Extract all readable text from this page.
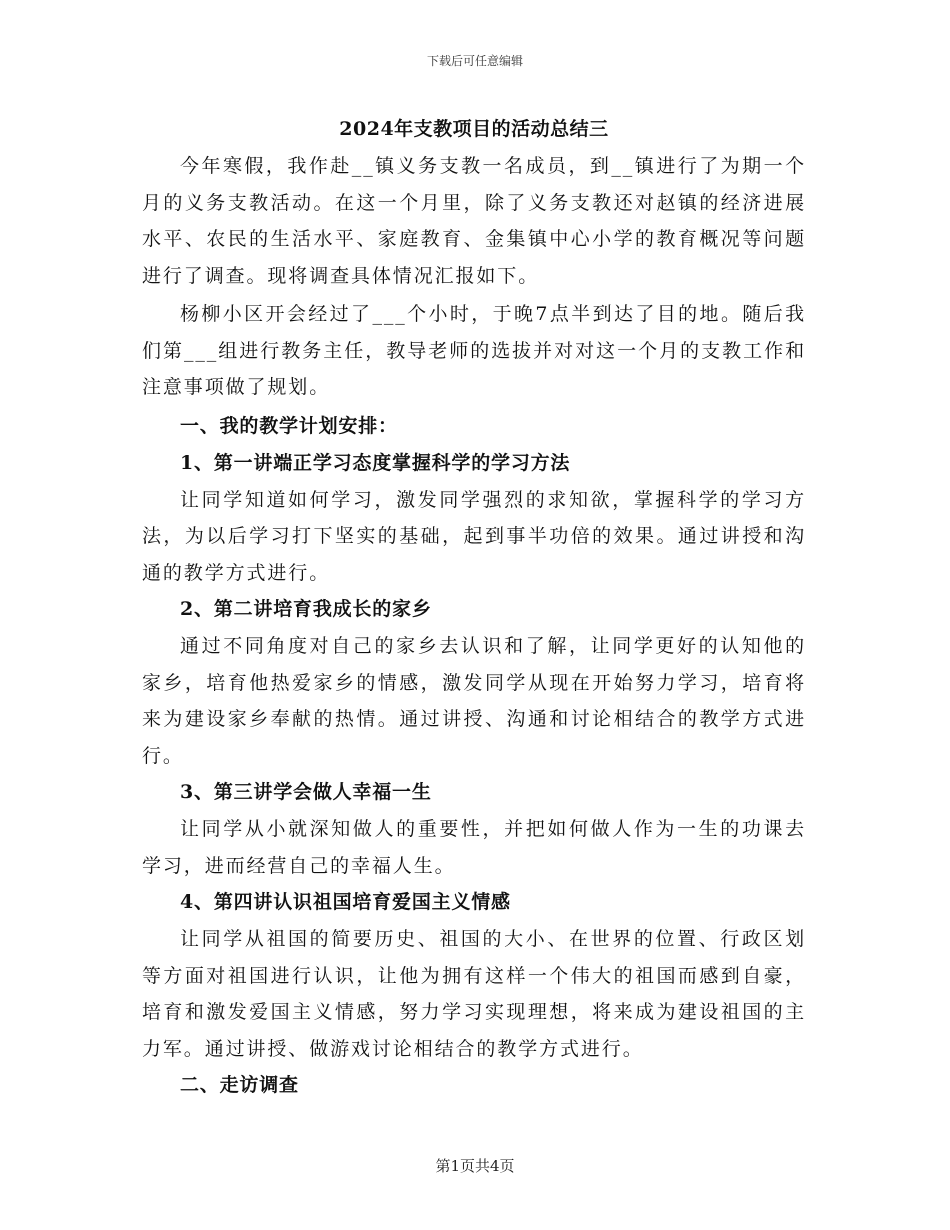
下载后可任意编辑
2024年支教项目的活动总结三

今年寒假，我作赴__镇义务支教一名成员，到__镇进行了为期一个月的义务支教活动。在这一个月里，除了义务支教还对赵镇的经济进展水平、农民的生活水平、家庭教育、金集镇中心小学的教育概况等问题进行了调查。现将调查具体情况汇报如下。

杨柳小区开会经过了___个小时，于晚7点半到达了目的地。随后我们第___组进行教务主任，教导老师的选拔并对对这一个月的支教工作和注意事项做了规划。

一、我的教学计划安排：

1、第一讲端正学习态度掌握科学的学习方法

让同学知道如何学习，激发同学强烈的求知欲，掌握科学的学习方法，为以后学习打下坚实的基础，起到事半功倍的效果。通过讲授和沟通的教学方式进行。

2、第二讲培育我成长的家乡

通过不同角度对自己的家乡去认识和了解，让同学更好的认知他的家乡，培育他热爱家乡的情感，激发同学从现在开始努力学习，培育将来为建设家乡奉献的热情。通过讲授、沟通和讨论相结合的教学方式进行。

3、第三讲学会做人幸福一生

让同学从小就深知做人的重要性，并把如何做人作为一生的功课去学习，进而经营自己的幸福人生。

4、第四讲认识祖国培育爱国主义情感

让同学从祖国的简要历史、祖国的大小、在世界的位置、行政区划等方面对祖国进行认识，让他为拥有这样一个伟大的祖国而感到自豪，培育和激发爱国主义情感，努力学习实现理想，将来成为建设祖国的主力军。通过讲授、做游戏讨论相结合的教学方式进行。

二、走访调查

第1页共4页
